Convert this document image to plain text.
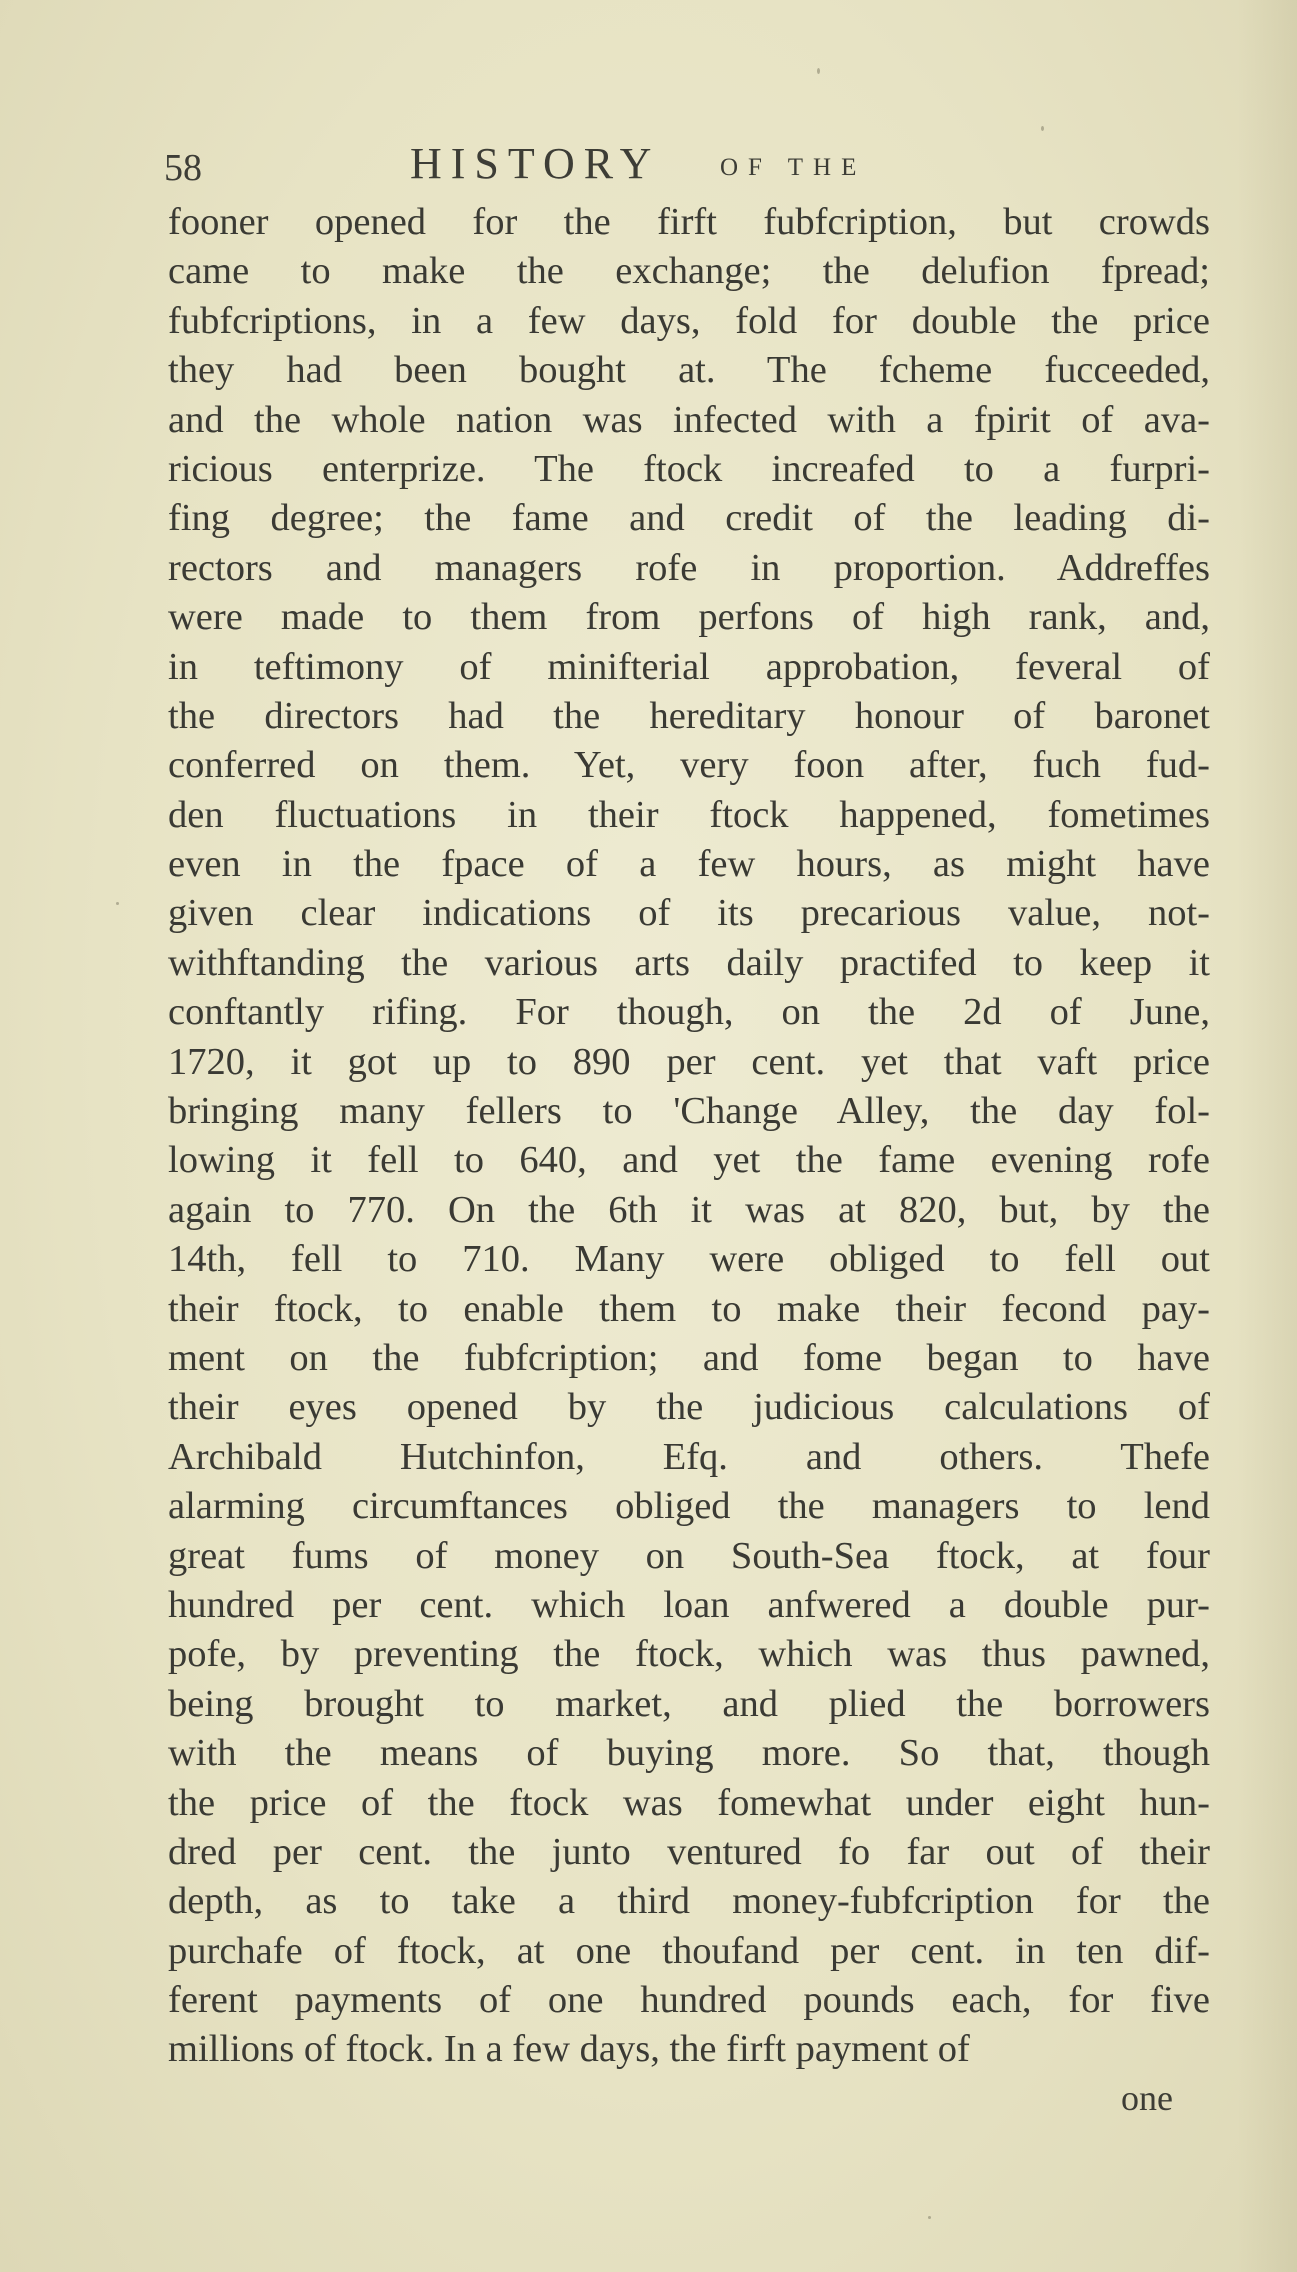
58	HISTORY OF THE
fooner opened for the firft fubfcription, but crowds
came to make the exchange; the delufion fpread;
fubfcriptions, in a few days, fold for double the price
they had been bought at. The fcheme fucceeded,
and the whole nation was infected with a fpirit of ava-
ricious enterprize. The ftock increafed to a furpri-
fing degree; the fame and credit of the leading di-
rectors and managers rofe in proportion. Addreffes
were made to them from perfons of high rank, and,
in teftimony of minifterial approbation, feveral of
the directors had the hereditary honour of baronet
conferred on them. Yet, very foon after, fuch fud-
den fluctuations in their ftock happened, fometimes
even in the fpace of a few hours, as might have
given clear indications of its precarious value, not-
withftanding the various arts daily practifed to keep it
conftantly rifing. For though, on the 2d of June,
1720, it got up to 890 per cent. yet that vaft price
bringing many fellers to 'Change Alley, the day fol-
lowing it fell to 640, and yet the fame evening rofe
again to 770. On the 6th it was at 820, but, by the
14th, fell to 710. Many were obliged to fell out
their ftock, to enable them to make their fecond pay-
ment on the fubfcription; and fome began to have
their eyes opened by the judicious calculations of
Archibald Hutchinfon, Efq. and others. Thefe
alarming circumftances obliged the managers to lend
great fums of money on South-Sea ftock, at four
hundred per cent. which loan anfwered a double pur-
pofe, by preventing the ftock, which was thus pawned,
being brought to market, and plied the borrowers
with the means of buying more. So that, though
the price of the ftock was fomewhat under eight hun-
dred per cent. the junto ventured fo far out of their
depth, as to take a third money-fubfcription for the
purchafe of ftock, at one thoufand per cent. in ten dif-
ferent payments of one hundred pounds each, for five
millions of ftock. In a few days, the firft payment of
one
